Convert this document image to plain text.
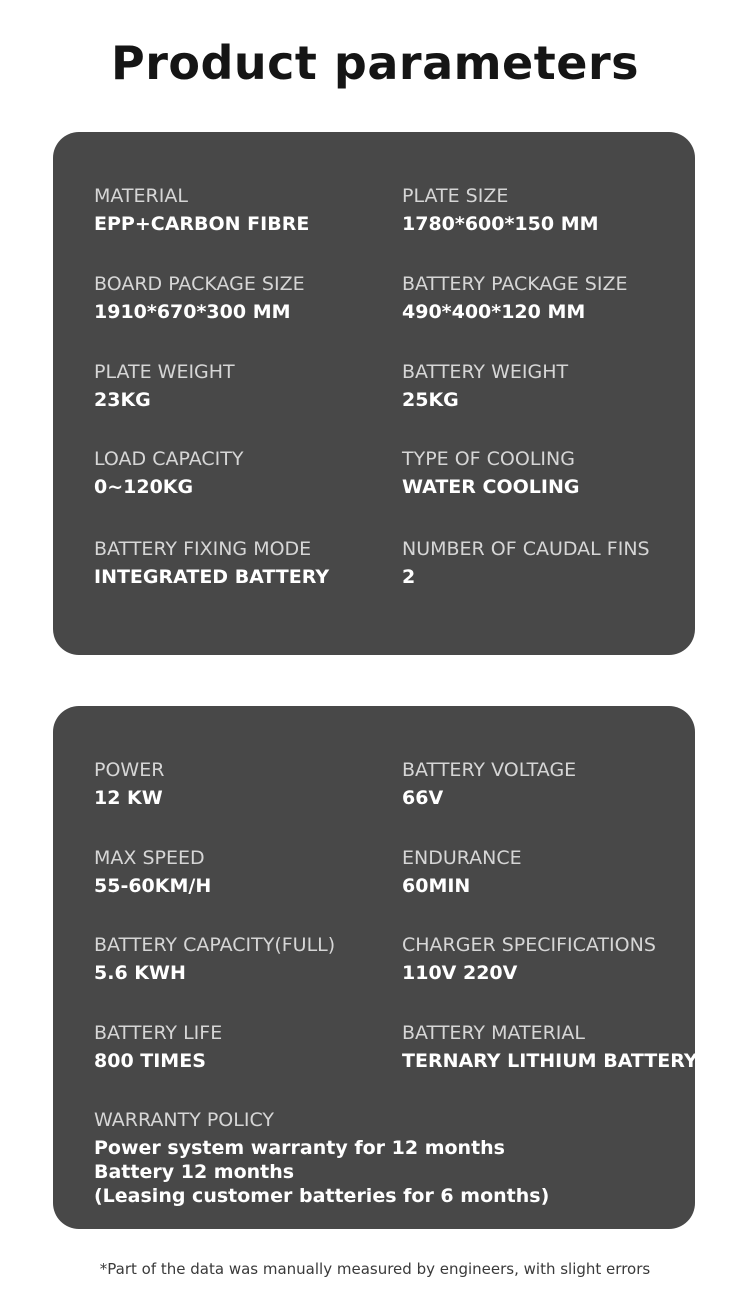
Product parameters
MATERIAL
EPP+CARBON FIBRE
PLATE SIZE
1780*600*150 MM
BOARD PACKAGE SIZE
1910*670*300 MM
BATTERY PACKAGE SIZE
490*400*120 MM
PLATE WEIGHT
23KG
BATTERY WEIGHT
25KG
LOAD CAPACITY
0~120KG
TYPE OF COOLING
WATER COOLING
BATTERY FIXING MODE
INTEGRATED BATTERY
NUMBER OF CAUDAL FINS
2
POWER
12 KW
BATTERY VOLTAGE
66V
MAX SPEED
55-60KM/H
ENDURANCE
60MIN
BATTERY CAPACITY(FULL)
5.6 KWH
CHARGER SPECIFICATIONS
110V 220V
BATTERY LIFE
800 TIMES
BATTERY MATERIAL
TERNARY LITHIUM BATTERY
WARRANTY POLICY
Power system warranty for 12 months
Battery 12 months
(Leasing customer batteries for 6 months)
*Part of the data was manually measured by engineers, with slight errors
